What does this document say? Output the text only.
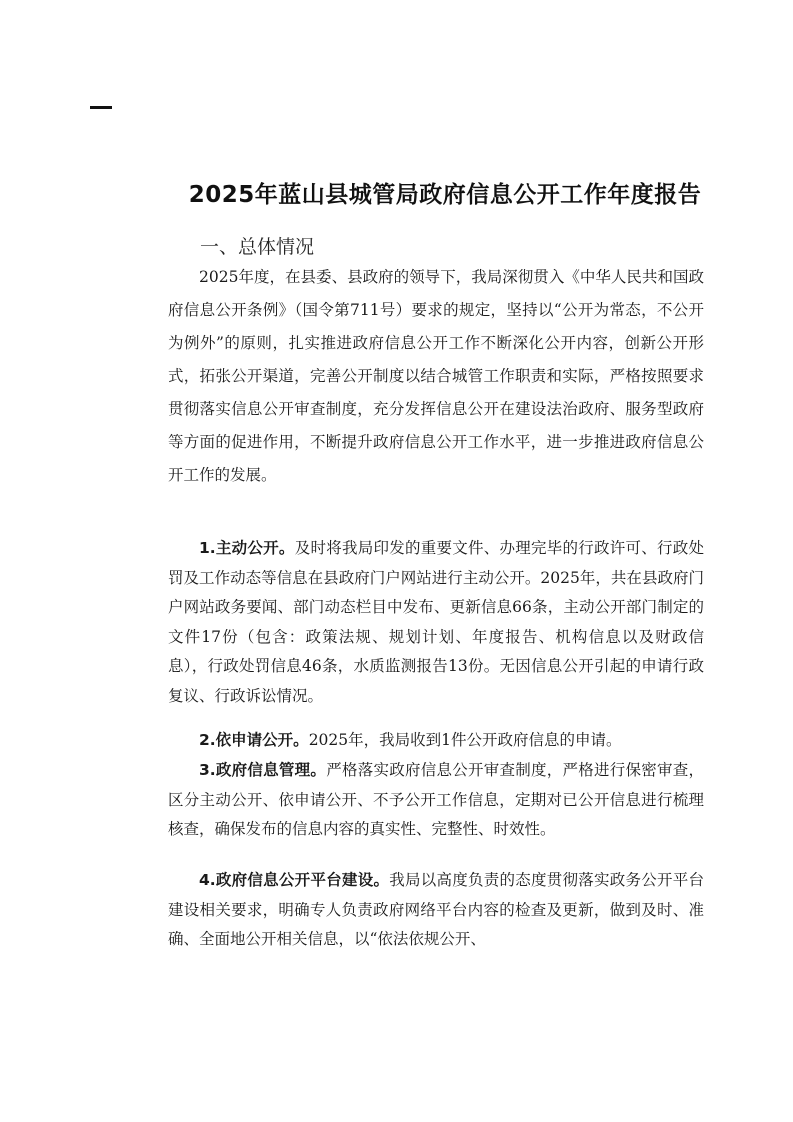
2025年蓝山县城管局政府信息公开工作年度报告
一、总体情况

2025年度，在县委、县政府的领导下，我局深彻贯入《中华人民共和国政府信息公开条例》（国令第711号）要求的规定，坚持以“公开为常态，不公开为例外”的原则，扎实推进政府信息公开工作不断深化公开内容，创新公开形式，拓张公开渠道，完善公开制度以结合城管工作职责和实际，严格按照要求贯彻落实信息公开审查制度，充分发挥信息公开在建设法治政府、服务型政府等方面的促进作用，不断提升政府信息公开工作水平，进一步推进政府信息公开工作的发展。

1.主动公开。及时将我局印发的重要文件、办理完毕的行政许可、行政处罚及工作动态等信息在县政府门户网站进行主动公开。2025年，共在县政府门户网站政务要闻、部门动态栏目中发布、更新信息66条，主动公开部门制定的文件17份（包含：政策法规、规划计划、年度报告、机构信息以及财政信息），行政处罚信息46条，水质监测报告13份。无因信息公开引起的申请行政复议、行政诉讼情况。

2.依申请公开。2025年，我局收到1件公开政府信息的申请。

3.政府信息管理。严格落实政府信息公开审查制度，严格进行保密审查，区分主动公开、依申请公开、不予公开工作信息，定期对已公开信息进行梳理核查，确保发布的信息内容的真实性、完整性、时效性。

4.政府信息公开平台建设。我局以高度负责的态度贯彻落实政务公开平台建设相关要求，明确专人负责政府网络平台内容的检查及更新，做到及时、准确、全面地公开相关信息，以“依法依规公开、
